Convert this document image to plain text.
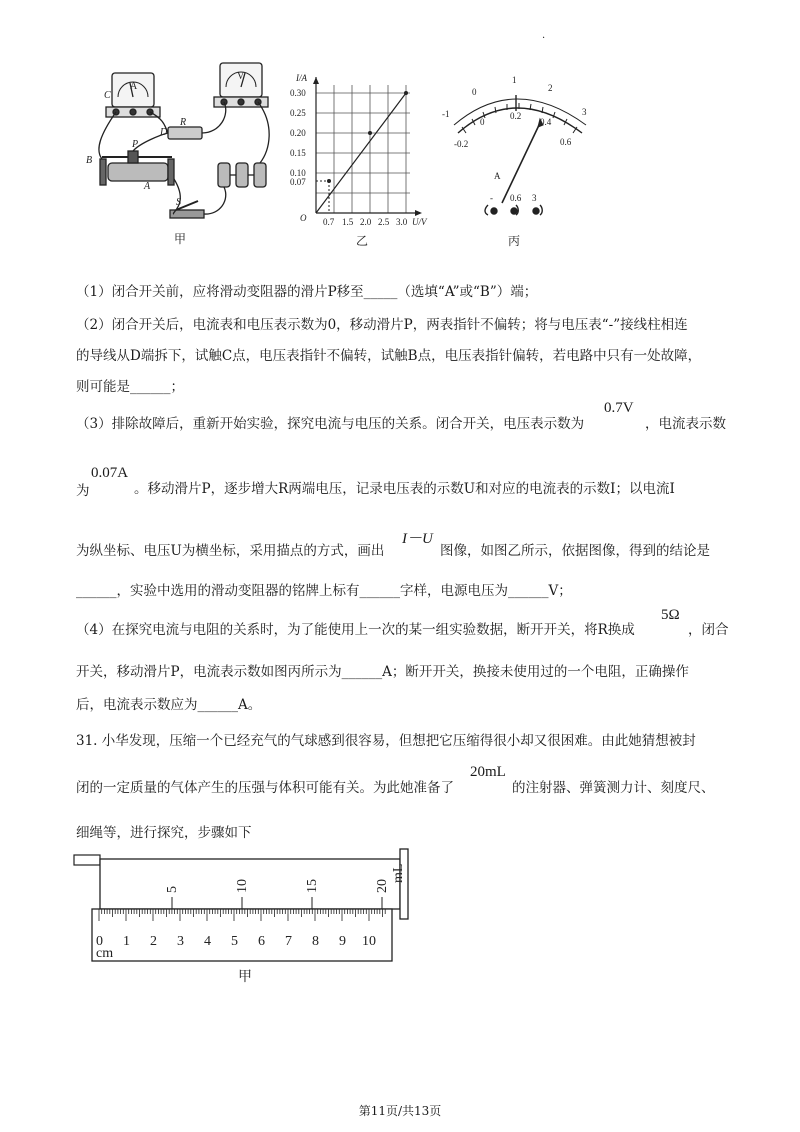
C
B
P
A
D
R
S
A
V
甲
I/A
U/V
O
0.30
0.25
0.20
0.15
0.10
0.07
0.7 1.5 2.0 2.5 3.0
乙
-1
0
1
2
3
-0.2
0
0.2
0.4
0.6
A
- 0.6 3
丙
.
（1）闭合开关前，应将滑动变阻器的滑片P移至_____（选填“A”或“B”）端；
（2）闭合开关后，电流表和电压表示数为0，移动滑片P，两表指针不偏转；将与电压表“-”接线柱相连
的导线从D端拆下，试触C点，电压表指针不偏转，试触B点，电压表指针偏转，若电路中只有一处故障，
则可能是______；
（3）排除故障后，重新开始实验，探究电流与电压的关系。闭合开关，电压表示数为
0.7V
，电流表示数
为
0.07A
。移动滑片P，逐步增大R两端电压，记录电压表的示数U和对应的电流表的示数I；以电流I
为纵坐标、电压U为横坐标，采用描点的方式，画出
I－U
图像，如图乙所示，依据图像，得到的结论是
______，实验中选用的滑动变阻器的铭牌上标有______字样，电源电压为______V；
（4）在探究电流与电阻的关系时，为了能使用上一次的某一组实验数据，断开开关，将R换成
5Ω
，闭合
开关，移动滑片P，电流表示数如图丙所示为______A；断开开关，换接未使用过的一个电阻，正确操作
后，电流表示数应为______A。
31. 小华发现，压缩一个已经充气的气球感到很容易，但想把它压缩得很小却又很困难。由此她猜想被封
闭的一定质量的气体产生的压强与体积可能有关。为此她准备了
20mL
的注射器、弹簧测力计、刻度尺、
细绳等，进行探究，步骤如下
5	10	15	20
mL
0 1 2 3 4 5 6 7 8 9 10
cm
甲
第11页/共13页
